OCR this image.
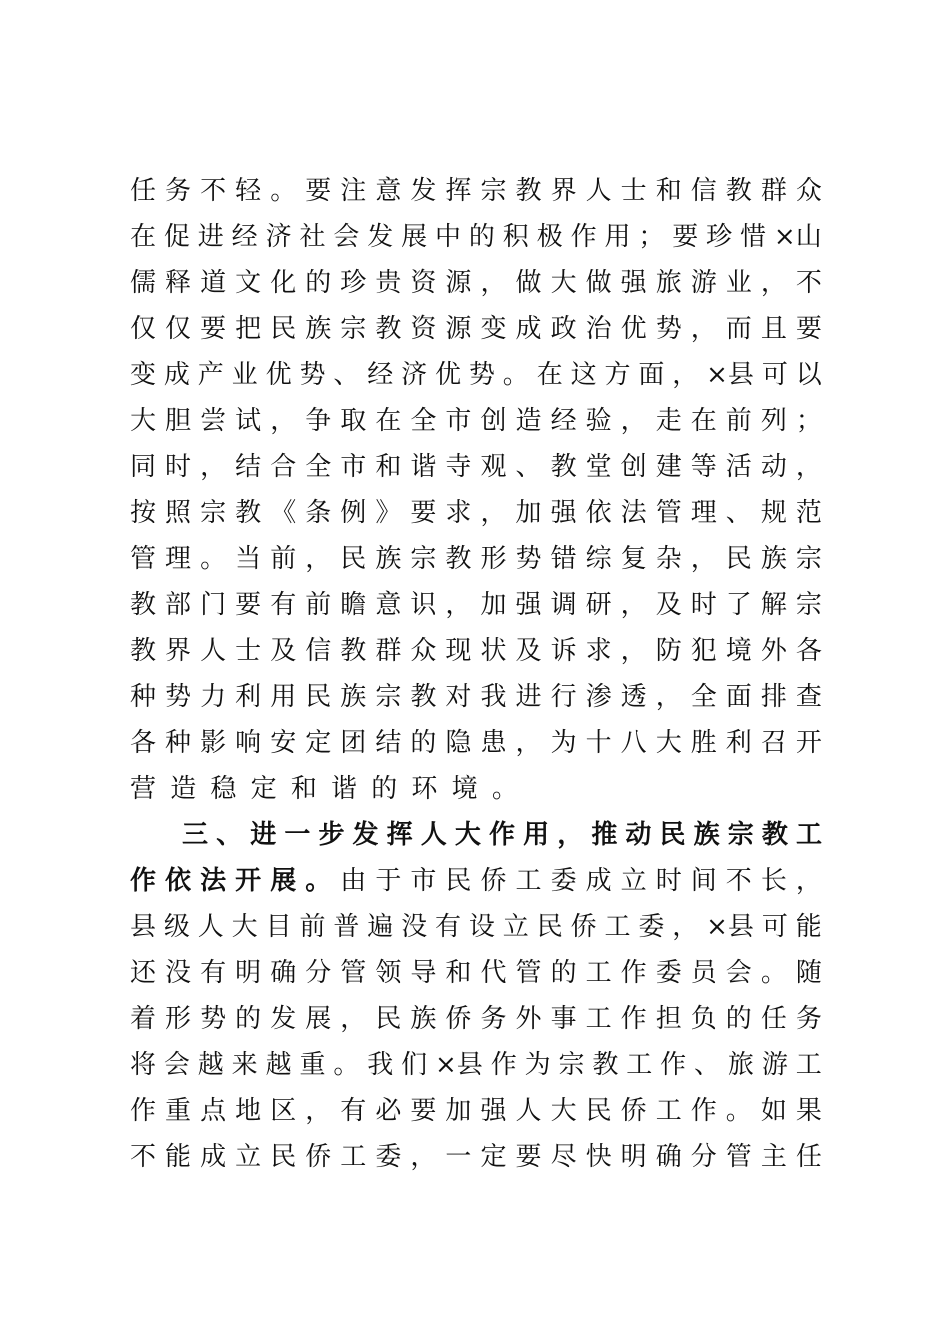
任 务 不 轻 。 要 注 意 发 挥 宗 教 界 人 士 和 信 教 群 众
在 促 进 经 济 社 会 发 展 中 的 积 极 作 用 ； 要 珍 惜 ×山
儒 释 道 文 化 的 珍 贵 资 源 ， 做 大 做 强 旅 游 业 ， 不
仅 仅 要 把 民 族 宗 教 资 源 变 成 政 治 优 势 ， 而 且 要
变 成 产 业 优 势 、 经 济 优 势 。 在 这 方 面 ， ×县 可 以
大 胆 尝 试 ， 争 取 在 全 市 创 造 经 验 ， 走 在 前 列 ；
同 时 ， 结 合 全 市 和 谐 寺 观 、 教 堂 创 建 等 活 动 ，
按 照 宗 教 《 条 例 》 要 求 ， 加 强 依 法 管 理 、 规 范
管 理 。 当 前 ， 民 族 宗 教 形 势 错 综 复 杂 ， 民 族 宗
教 部 门 要 有 前 瞻 意 识 ， 加 强 调 研 ， 及 时 了 解 宗
教 界 人 士 及 信 教 群 众 现 状 及 诉 求 ， 防 犯 境 外 各
种 势 力 利 用 民 族 宗 教 对 我 进 行 渗 透 ， 全 面 排 查
各 种 影 响 安 定 团 结 的 隐 患 ， 为 十 八 大 胜 利 召 开
营 造 稳 定 和 谐 的 环 境 。
三 、 进 一 步 发 挥 人 大 作 用 ， 推 动 民 族 宗 教 工
作 依 法 开 展 。 由 于 市 民 侨 工 委 成 立 时 间 不 长 ，
县 级 人 大 目 前 普 遍 没 有 设 立 民 侨 工 委 ， ×县 可 能
还 没 有 明 确 分 管 领 导 和 代 管 的 工 作 委 员 会 。 随
着 形 势 的 发 展 ， 民 族 侨 务 外 事 工 作 担 负 的 任 务
将 会 越 来 越 重 。 我 们 ×县 作 为 宗 教 工 作 、 旅 游 工
作 重 点 地 区 ， 有 必 要 加 强 人 大 民 侨 工 作 。 如 果
不 能 成 立 民 侨 工 委 ， 一 定 要 尽 快 明 确 分 管 主 任
